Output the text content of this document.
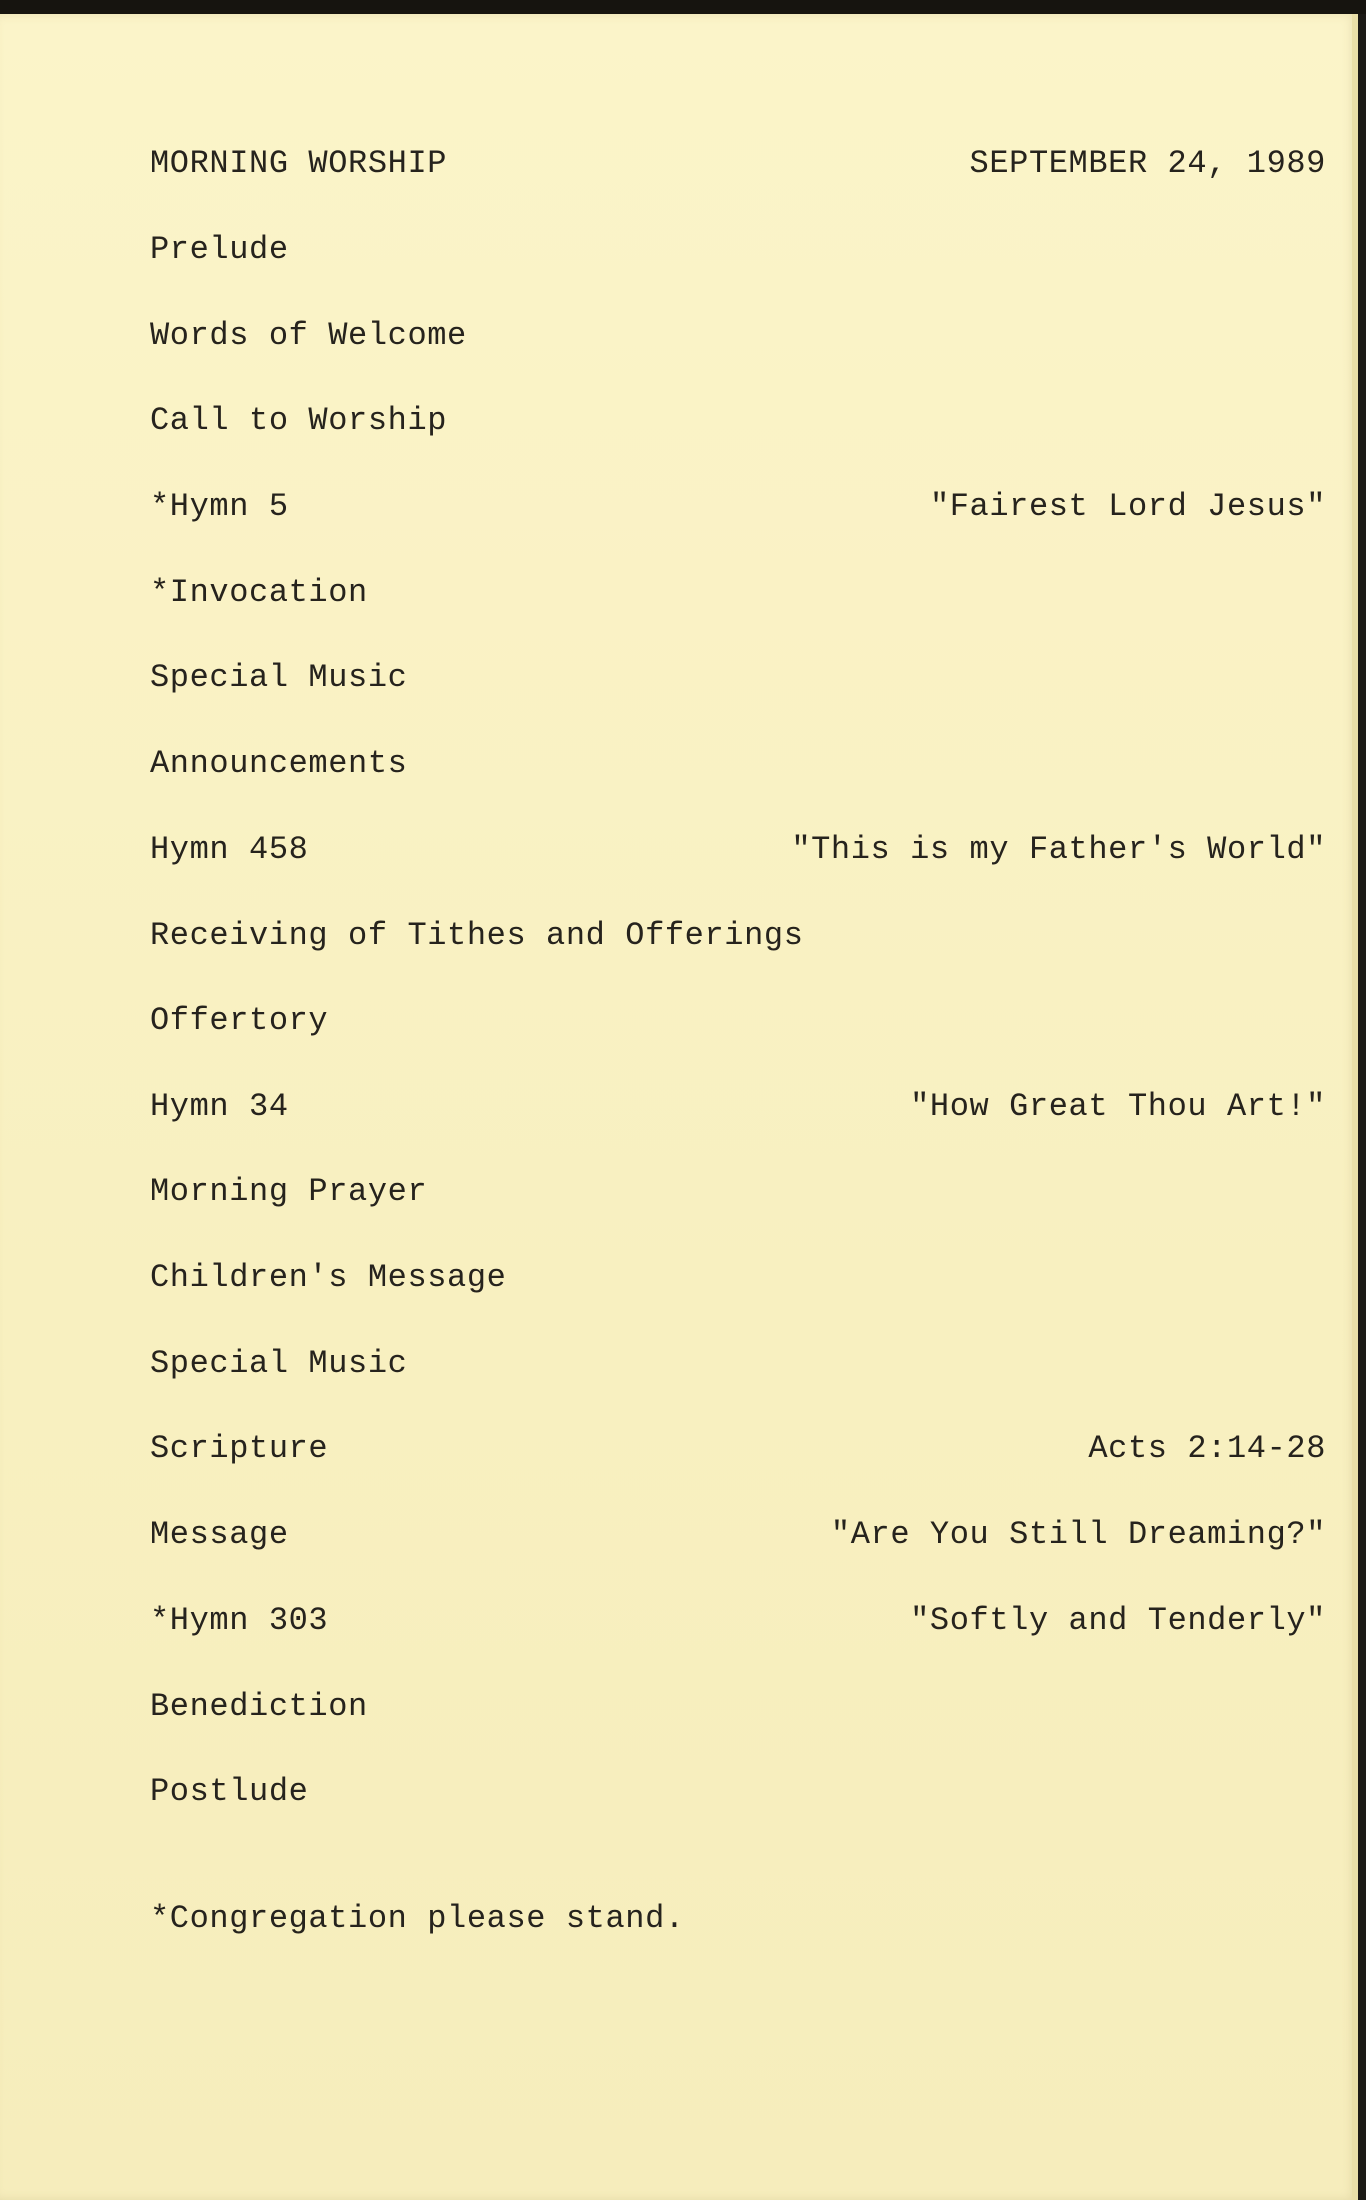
MORNING WORSHIP	SEPTEMBER 24, 1989
Prelude
Words of Welcome
Call to Worship
*Hymn 5	"Fairest Lord Jesus"
*Invocation
Special Music
Announcements
Hymn 458	"This is my Father's World"
Receiving of Tithes and Offerings
Offertory
Hymn 34	"How Great Thou Art!"
Morning Prayer
Children's Message
Special Music
Scripture	Acts 2:14-28
Message	"Are You Still Dreaming?"
*Hymn 303	"Softly and Tenderly"
Benediction
Postlude
*Congregation please stand.
